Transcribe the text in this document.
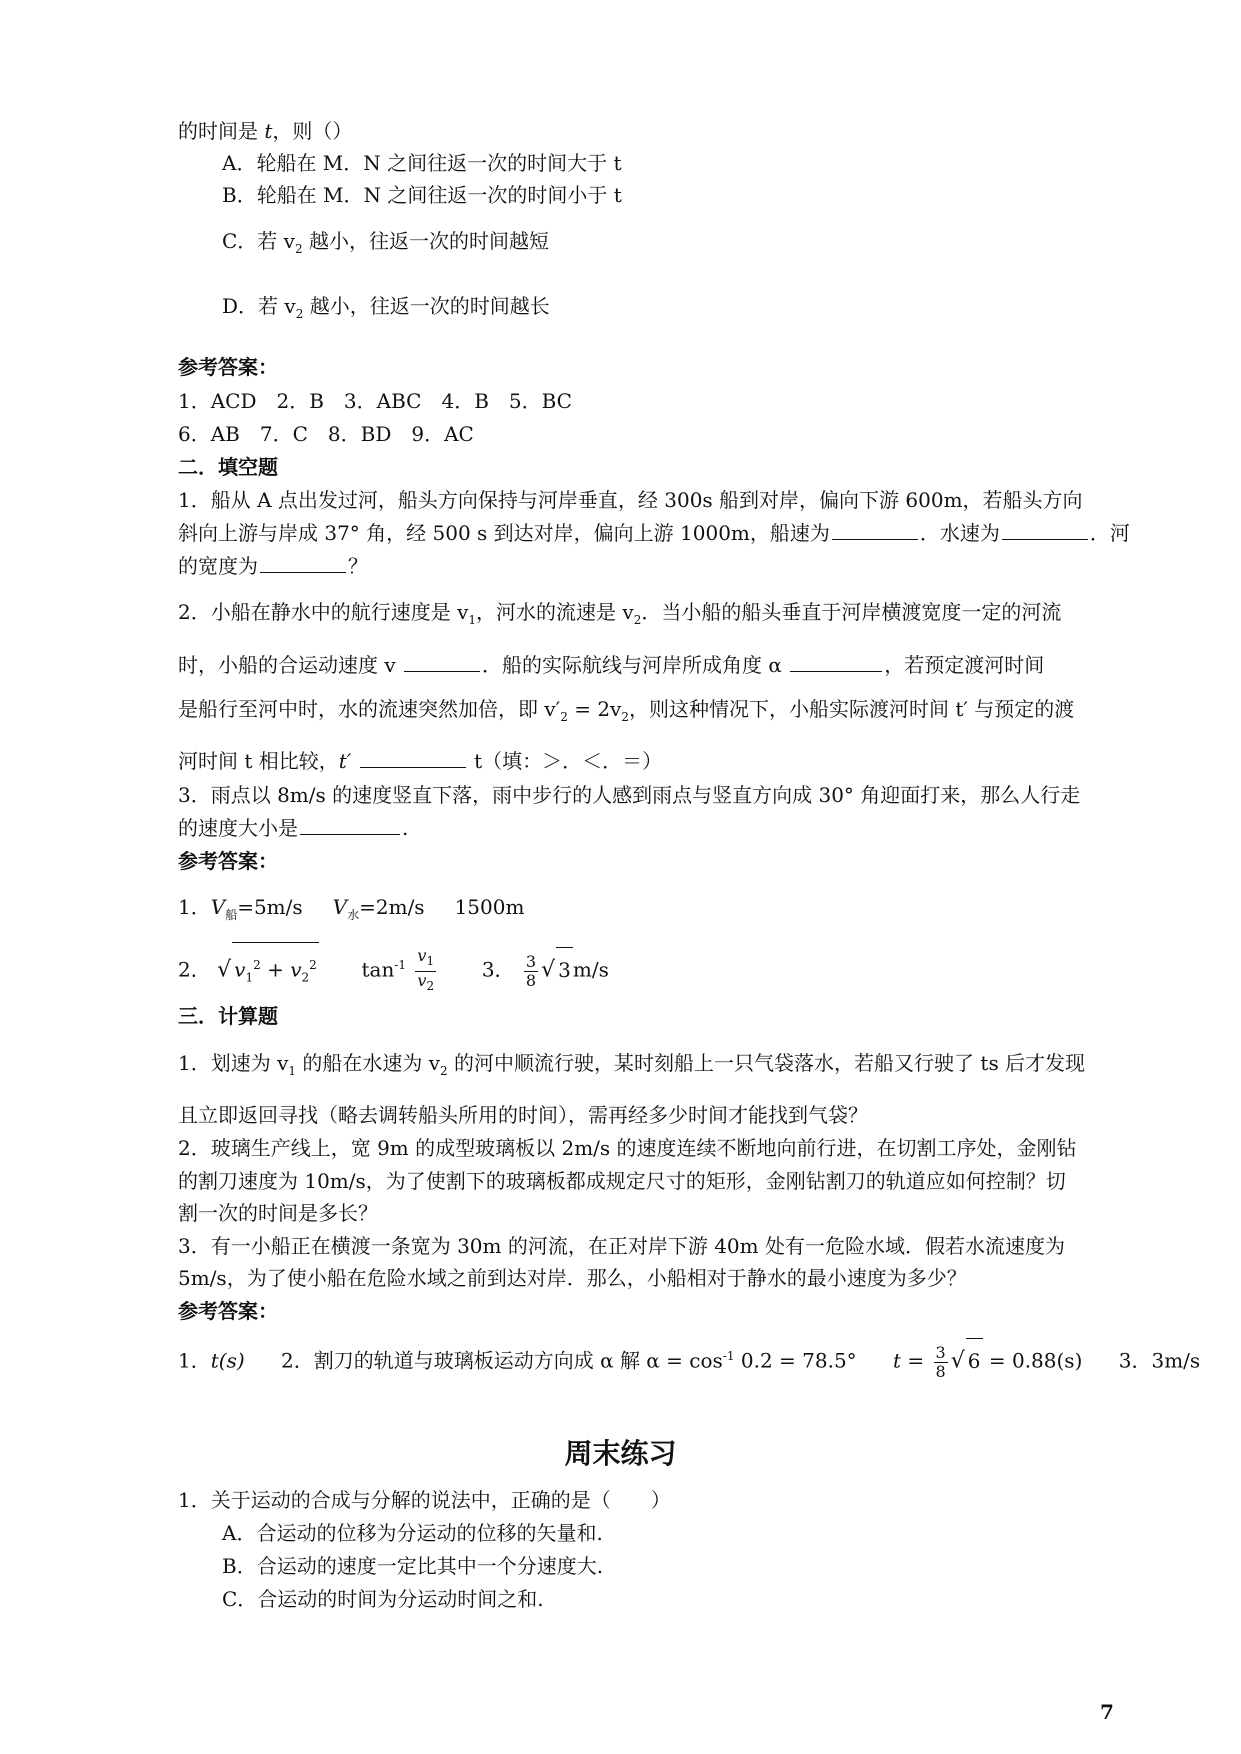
的时间是 t，则（）
A．轮船在 M．N 之间往返一次的时间大于 t
B．轮船在 M．N 之间往返一次的时间小于 t
C．若 $v_2$ 越小，往返一次的时间越短
D．若 $v_2$ 越小，往返一次的时间越长
参考答案：
1．ACD　2．B　3．ABC　4．B　5．BC
6．AB　7．C　8．BD　9．AC
二．填空题
1．船从 A 点出发过河，船头方向保持与河岸垂直，经 300s 船到对岸，偏向下游 600m，若船头方向
斜向上游与岸成 37° 角，经 500 s 到达对岸，偏向上游 1000m，船速为	．水速为	．河
的宽度为	？
2．小船在静水中的航行速度是 $v_1$，河水的流速是 $v_2$．当小船的船头垂直于河岸横渡宽度一定的河流
时，小船的合运动速度 v	．船的实际航线与河岸所成角度 α	，若预定渡河时间
是船行至河中时，水的流速突然加倍，即 $v'_2 = 2v_2$，则这种情况下，小船实际渡河时间 t′ 与预定的渡
河时间 t 相比较，t′	t（填：＞．＜．＝）
3．雨点以 8m/s 的速度竖直下落，雨中步行的人感到雨点与竖直方向成 30° 角迎面打来，那么人行走
的速度大小是	.
参考答案：
1．$V_船=5m/s$ $V_水=2m/s$ 1500m
2． √ $v_1^2 + v_2^2$ $\tan^{-1} \frac{v_1}{v_2} 3$． $\frac{3}{8}$ √ 3 m/s
三．计算题
1．划速为 $v_1$ 的船在水速为 $v_2$ 的河中顺流行驶，某时刻船上一只气袋落水，若船又行驶了 ts 后才发现
且立即返回寻找（略去调转船头所用的时间），需再经多少时间才能找到气袋？
2．玻璃生产线上，宽 9m 的成型玻璃板以 2m/s 的速度连续不断地向前行进，在切割工序处，金刚钻
的割刀速度为 10m/s，为了使割下的玻璃板都成规定尺寸的矩形，金刚钻割刀的轨道应如何控制？切
割一次的时间是多长？
3．有一小船正在横渡一条宽为 30m 的河流，在正对岸下游 40m 处有一危险水域．假若水流速度为
5m/s，为了使小船在危险水域之前到达对岸．那么，小船相对于静水的最小速度为多少？
参考答案：
1．t(s) 2．割刀的轨道与玻璃板运动方向成 α 解 $\alpha = \cos^{-1} 0.2 = 78.5^\circ$ $t = \frac{3}{8}$ √ 6 = 0.88(s) 3．3m/s
周末练习
1．关于运动的合成与分解的说法中，正确的是（　　）
A．合运动的位移为分运动的位移的矢量和.
B．合运动的速度一定比其中一个分速度大.
C．合运动的时间为分运动时间之和.
7
